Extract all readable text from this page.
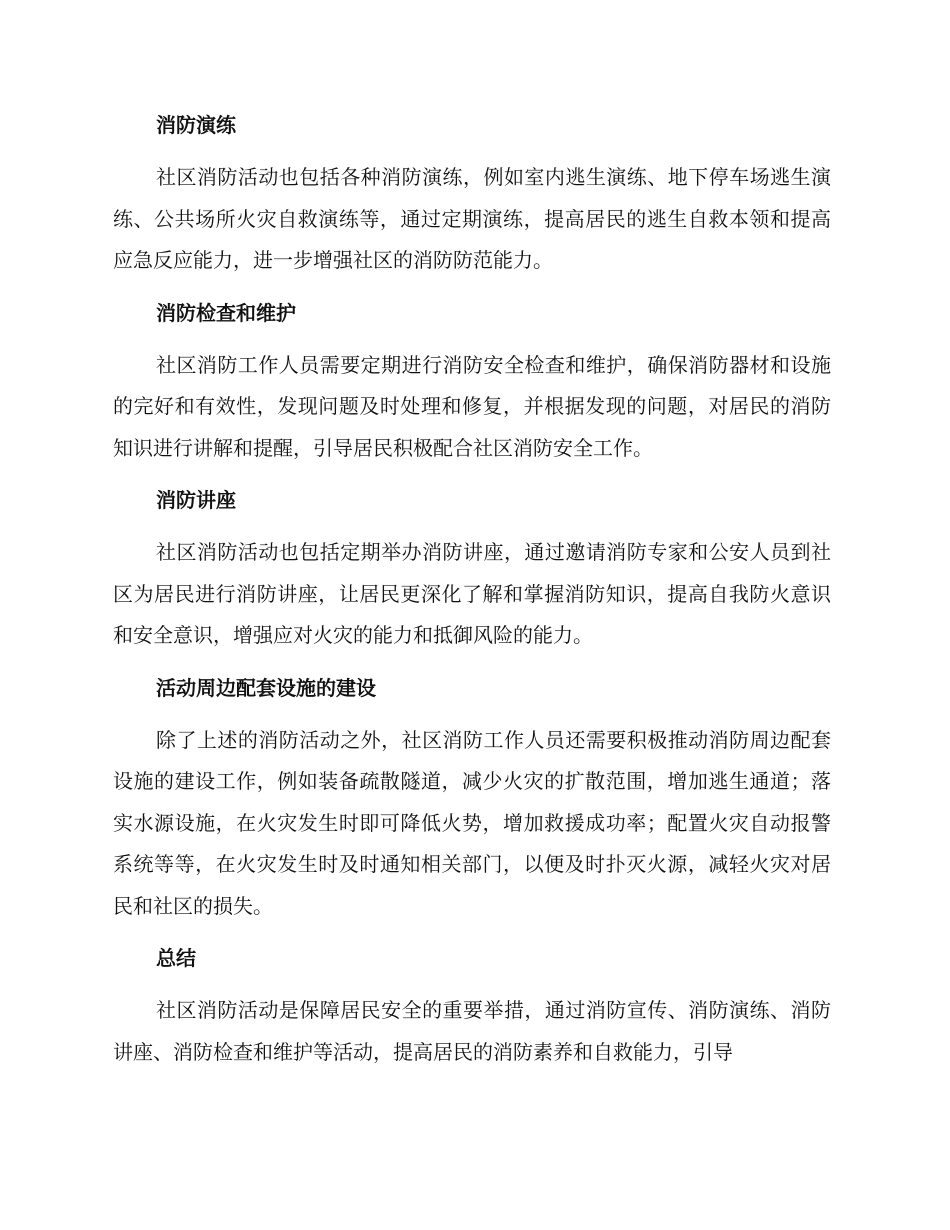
消防演练

社区消防活动也包括各种消防演练，例如室内逃生演练、地下停车场逃生演练、公共场所火灾自救演练等，通过定期演练，提高居民的逃生自救本领和提高应急反应能力，进一步增强社区的消防防范能力。

消防检查和维护

社区消防工作人员需要定期进行消防安全检查和维护，确保消防器材和设施的完好和有效性，发现问题及时处理和修复，并根据发现的问题，对居民的消防知识进行讲解和提醒，引导居民积极配合社区消防安全工作。

消防讲座

社区消防活动也包括定期举办消防讲座，通过邀请消防专家和公安人员到社区为居民进行消防讲座，让居民更深化了解和掌握消防知识，提高自我防火意识和安全意识，增强应对火灾的能力和抵御风险的能力。

活动周边配套设施的建设

除了上述的消防活动之外，社区消防工作人员还需要积极推动消防周边配套设施的建设工作，例如装备疏散隧道，减少火灾的扩散范围，增加逃生通道；落实水源设施，在火灾发生时即可降低火势，增加救援成功率；配置火灾自动报警系统等等，在火灾发生时及时通知相关部门，以便及时扑灭火源，减轻火灾对居民和社区的损失。

总结

社区消防活动是保障居民安全的重要举措，通过消防宣传、消防演练、消防讲座、消防检查和维护等活动，提高居民的消防素养和自救能力，引导
